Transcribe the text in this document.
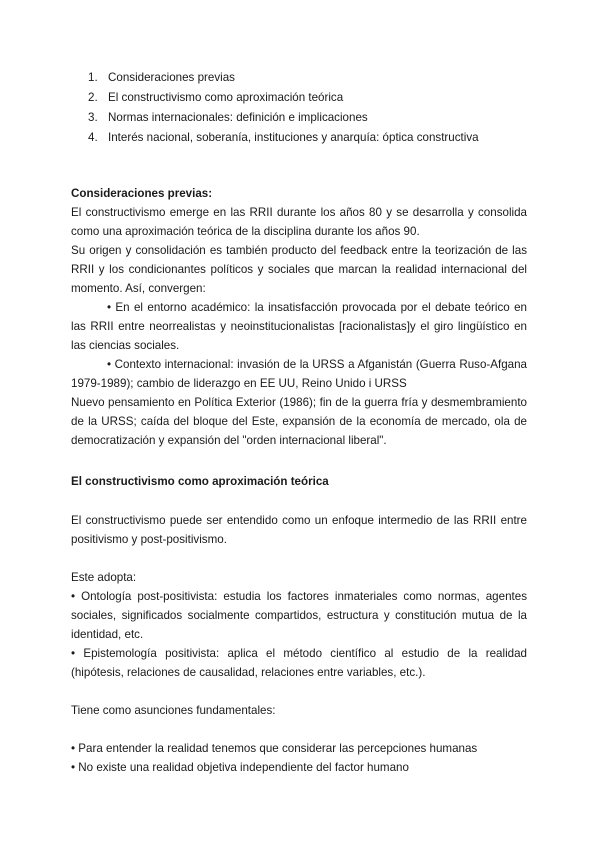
1. Consideraciones previas
2. El constructivismo como aproximación teórica
3. Normas internacionales: definición e implicaciones
4. Interés nacional, soberanía, instituciones y anarquía: óptica constructiva

Consideraciones previas:

El constructivismo emerge en las RRII durante los años 80 y se desarrolla y consolida como una aproximación teórica de la disciplina durante los años 90.

Su origen y consolidación es también producto del feedback entre la teorización de las RRII y los condicionantes políticos y sociales que marcan la realidad internacional del momento. Así, convergen:

• En el entorno académico: la insatisfacción provocada por el debate teórico en las RRII entre neorrealistas y neoinstitucionalistas [racionalistas]y el giro lingüístico en las ciencias sociales.

• Contexto internacional: invasión de la URSS a Afganistán (Guerra Ruso-Afgana 1979-1989); cambio de liderazgo en EE UU, Reino Unido i URSS

Nuevo pensamiento en Política Exterior (1986); fin de la guerra fría y desmembramiento de la URSS; caída del bloque del Este, expansión de la economía de mercado, ola de democratización y expansión del "orden internacional liberal".

El constructivismo como aproximación teórica

El constructivismo puede ser entendido como un enfoque intermedio de las RRII entre positivismo y post-positivismo.

Este adopta:

• Ontología post-positivista: estudia los factores inmateriales como normas, agentes sociales, significados socialmente compartidos, estructura y constitución mutua de la identidad, etc.

• Epistemología positivista: aplica el método científico al estudio de la realidad (hipótesis, relaciones de causalidad, relaciones entre variables, etc.).

Tiene como asunciones fundamentales:

• Para entender la realidad tenemos que considerar las percepciones humanas

• No existe una realidad objetiva independiente del factor humano
